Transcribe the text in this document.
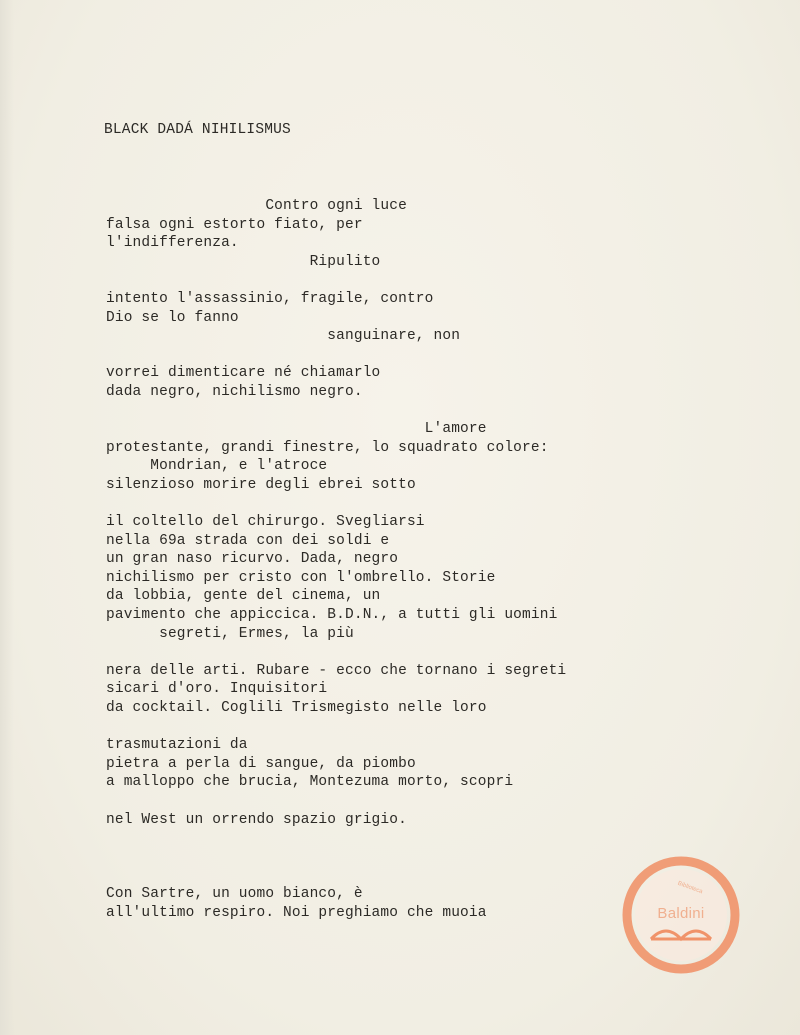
BLACK DADÁ NIHILISMUS
Contro ogni luce
falsa ogni estorto fiato, per
l'indifferenza.
Ripulito
intento l'assassinio, fragile, contro
Dio se lo fanno
sanguinare, non
vorrei dimenticare né chiamarlo
dada negro, nichilismo negro.
L'amore
protestante, grandi finestre, lo squadrato colore:
Mondrian, e l'atroce
silenzioso morire degli ebrei sotto
il coltello del chirurgo. Svegliarsi
nella 69a strada con dei soldi e
un gran naso ricurvo. Dada, negro
nichilismo per cristo con l'ombrello. Storie
da lobbia, gente del cinema, un
pavimento che appiccica. B.D.N., a tutti gli uomini
segreti, Ermes, la più
nera delle arti. Rubare - ecco che tornano i segreti
sicari d'oro. Inquisitori
da cocktail. Coglili Trismegisto nelle loro
trasmutazioni da
pietra a perla di sangue, da piombo
a malloppo che brucia, Montezuma morto, scopri
nel West un orrendo spazio grigio.
Con Sartre, un uomo bianco, è
all'ultimo respiro. Noi preghiamo che muoia
Biblioteca
Baldini
